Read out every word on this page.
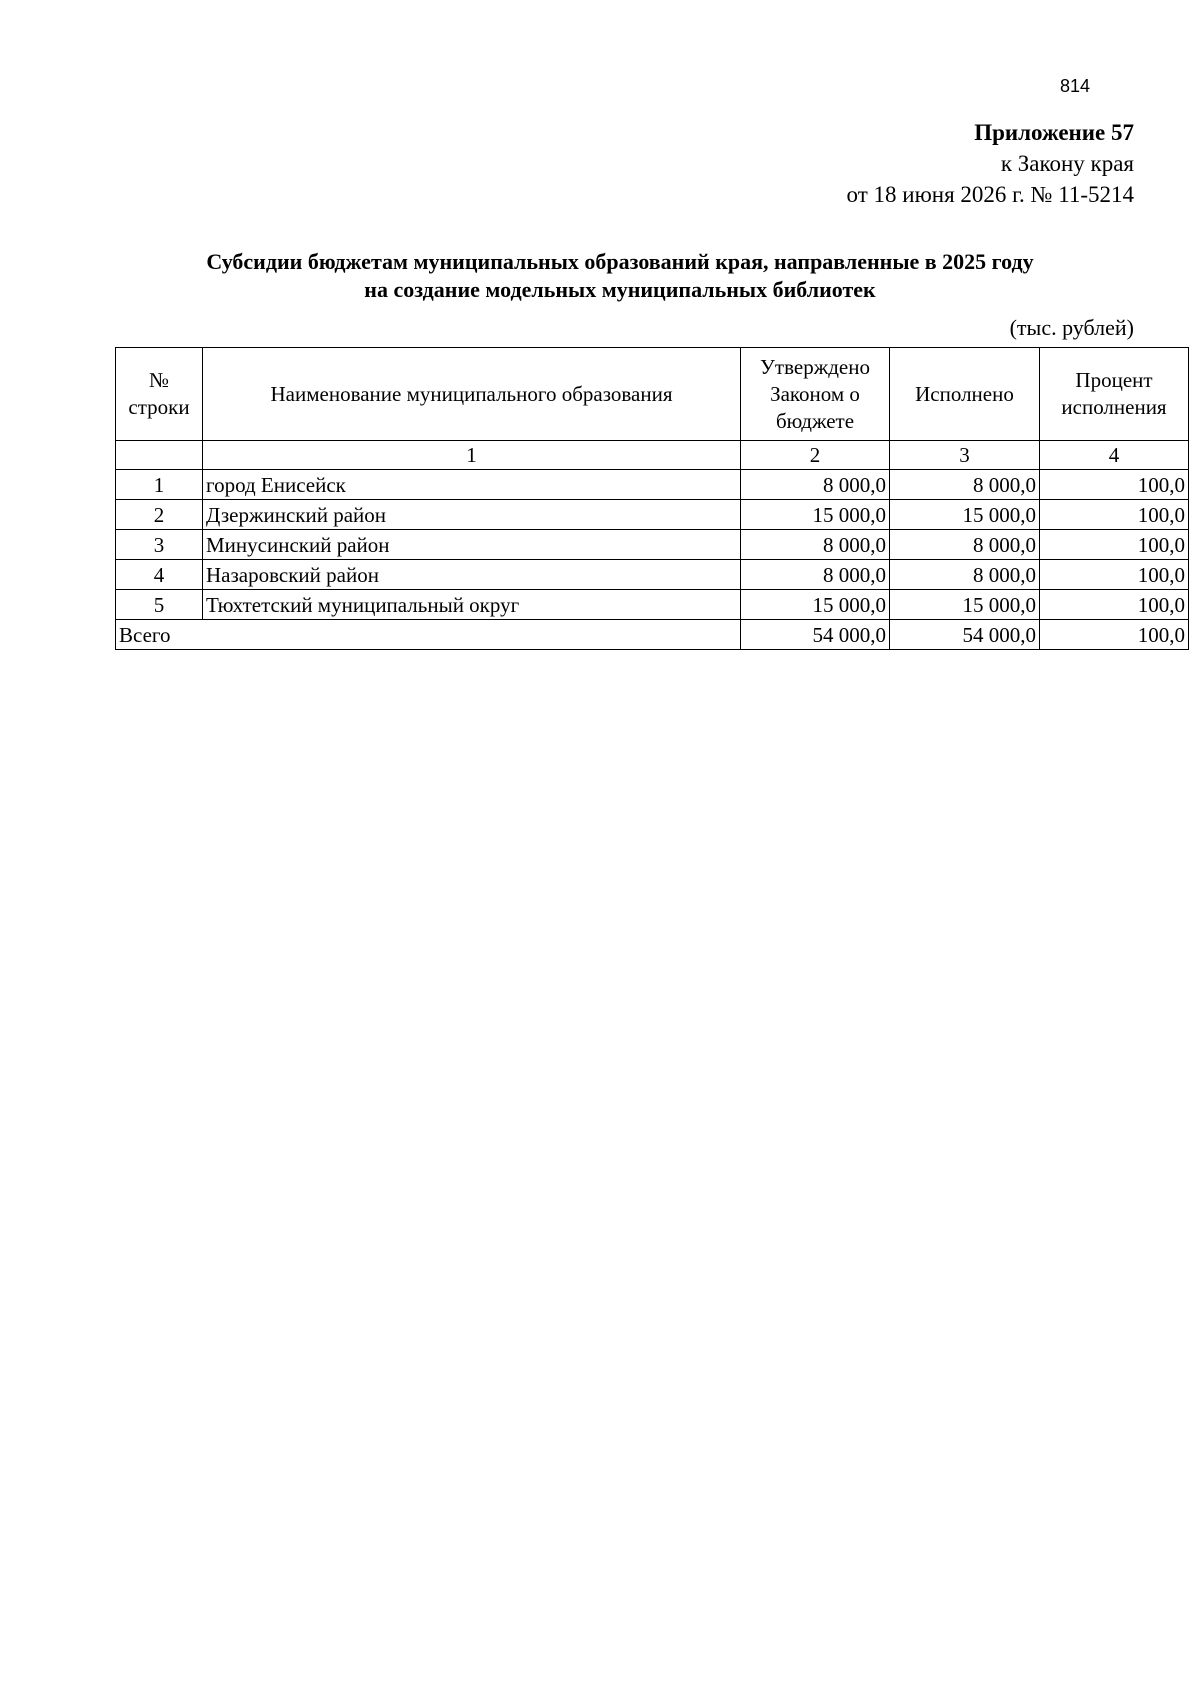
814
Приложение 57
к Закону края
от 18 июня 2026 г. № 11-5214
Субсидии бюджетам муниципальных образований края, направленные в 2025 году
на создание модельных муниципальных библиотек
(тыс. рублей)
№ строки	Наименование муниципального образования	Утверждено Законом о бюджете	Исполнено	Процент исполнения
	1	2	3	4
1	город Енисейск	8 000,0	8 000,0	100,0
2	Дзержинский район	15 000,0	15 000,0	100,0
3	Минусинский район	8 000,0	8 000,0	100,0
4	Назаровский район	8 000,0	8 000,0	100,0
5	Тюхтетский муниципальный округ	15 000,0	15 000,0	100,0
Всего		54 000,0	54 000,0	100,0
